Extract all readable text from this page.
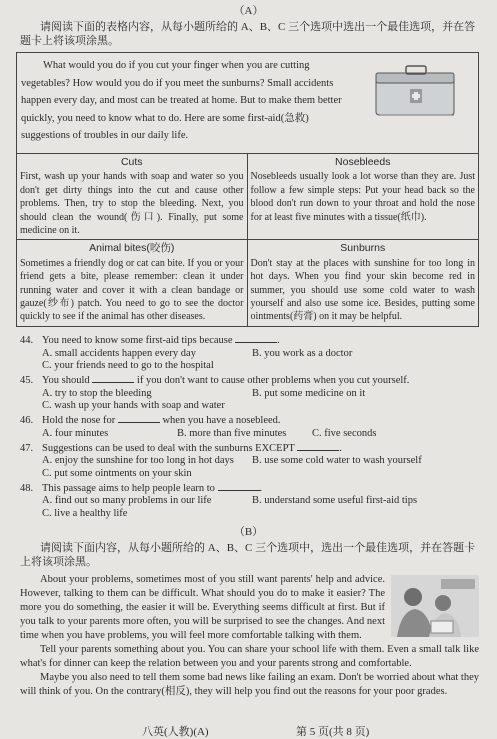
（A）
请阅读下面的表格内容，从每小题所给的 A、B、C 三个选项中选出一个最佳选项，并在答题卡上将该项涂黑。
What would you do if you cut your finger when you are cutting vegetables? How would you do if you meet the sunburns? Small accidents happen every day, and most can be treated at home. But to make them better quickly, you need to know what to do. Here are some first-aid(急救) suggestions of troubles in our daily life.
Cuts
First, wash up your hands with soap and water so you don't get dirty things into the cut and cause other problems. Then, try to stop the bleeding. Next, you should clean the wound(伤口). Finally, put some medicine on it.
Nosebleeds
Nosebleeds usually look a lot worse than they are. Just follow a few simple steps: Put your head back so the blood don't run down to your throat and hold the nose for at least five minutes with a tissue(纸巾).
Animal bites(咬伤)
Sometimes a friendly dog or cat can bite. If you or your friend gets a bite, please remember: clean it under running water and cover it with a clean bandage or gauze(纱布) patch. You need to go to see the doctor quickly to see if the animal has other diseases.
Sunburns
Don't stay at the places with sunshine for too long in hot days. When you find your skin become red in summer, you should use some cold water to wash yourself and also use some ice. Besides, putting some ointments(药膏) on it may be helpful.
44. You need to know some first-aid tips because	.
A. small accidents happen every day	B. you work as a doctor
C. your friends need to go to the hospital
45. You should	if you don't want to cause other problems when you cut yourself.
A. try to stop the bleeding	B. put some medicine on it
C. wash up your hands with soap and water
46. Hold the nose for	when you have a nosebleed.
A. four minutes	B. more than five minutes	C. five seconds
47. Suggestions can be used to deal with the sunburns EXCEPT	.
A. enjoy the sunshine for too long in hot days	B. use some cold water to wash yourself
C. put some ointments on your skin
48. This passage aims to help people learn to	.
A. find out so many problems in our life	B. understand some useful first-aid tips
C. live a healthy life
（B）
请阅读下面内容，从每小题所给的 A、B、C 三个选项中，选出一个最佳选项，并在答题卡上将该项涂黑。

About your problems, sometimes most of you still want parents' help and advice. However, talking to them can be difficult. What should you do to make it easier? The more you do something, the easier it will be. Everything seems difficult at first. But if you talk to your parents more often, you will be surprised to see the changes. And next time when you have problems, you will feel more comfortable talking with them.

Tell your parents something about you. You can share your school life with them. Even a small talk like what's for dinner can keep the relation between you and your parents strong and comfortable.

Maybe you also need to tell them some bad news like failing an exam. Don't be worried about what they will think of you. On the contrary(相反), they will help you find out the reasons for your poor grades.

八英(人教)(A)	第 5 页(共 8 页)
